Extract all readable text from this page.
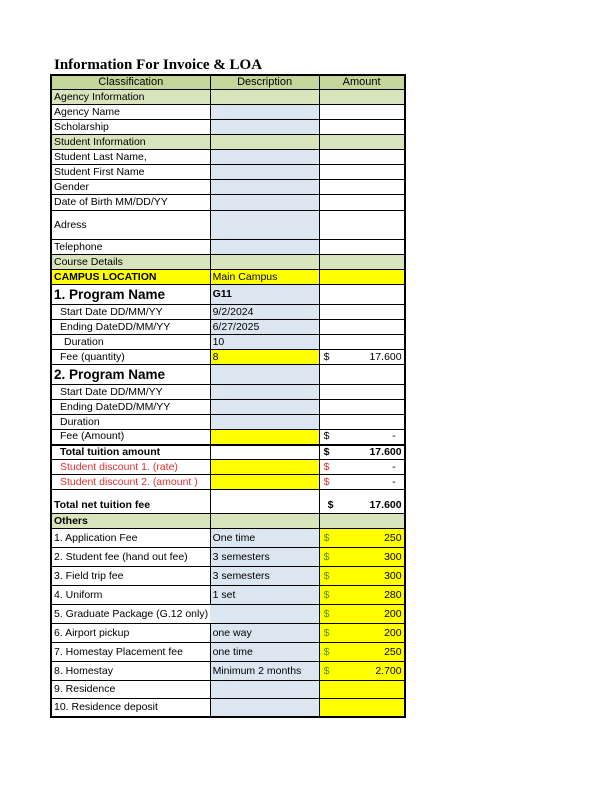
Information For Invoice & LOA
Classification	Description	Amount
Agency Information		
Agency Name		
Scholarship		
Student Information		
Student Last Name,		
Student First Name		
Gender		
Date of Birth MM/DD/YY		
Adress		
Telephone		
Course Details		
CAMPUS LOCATION	Main Campus	
1. Program Name	G11	
Start Date DD/MM/YY	9/2/2024	
Ending DateDD/MM/YY	6/27/2025	
Duration	10	
Fee (quantity)	8	$ 17.600

2. Program Name		
Start Date DD/MM/YY		
Ending DateDD/MM/YY		
Duration		
Fee (Amount)		$ -

Total tuition amount		$ 17.600

Student discount 1. (rate)		$ -

Student discount 2. (amount )		$ -

Total net tuition fee		$ 17.600

Others		
1. Application Fee	One time	$ 250

2. Student fee (hand out fee)	3 semesters	$ 300

3. Field trip fee	3 semesters	$ 300

4. Uniform	1 set	$ 280

5. Graduate Package (G.12 only)		$ 200

6. Airport pickup	one way	$ 200

7. Homestay Placement fee	one time	$ 250

8. Homestay	Minimum 2 months	$ 2.700

9. Residence		
10. Residence deposit		
